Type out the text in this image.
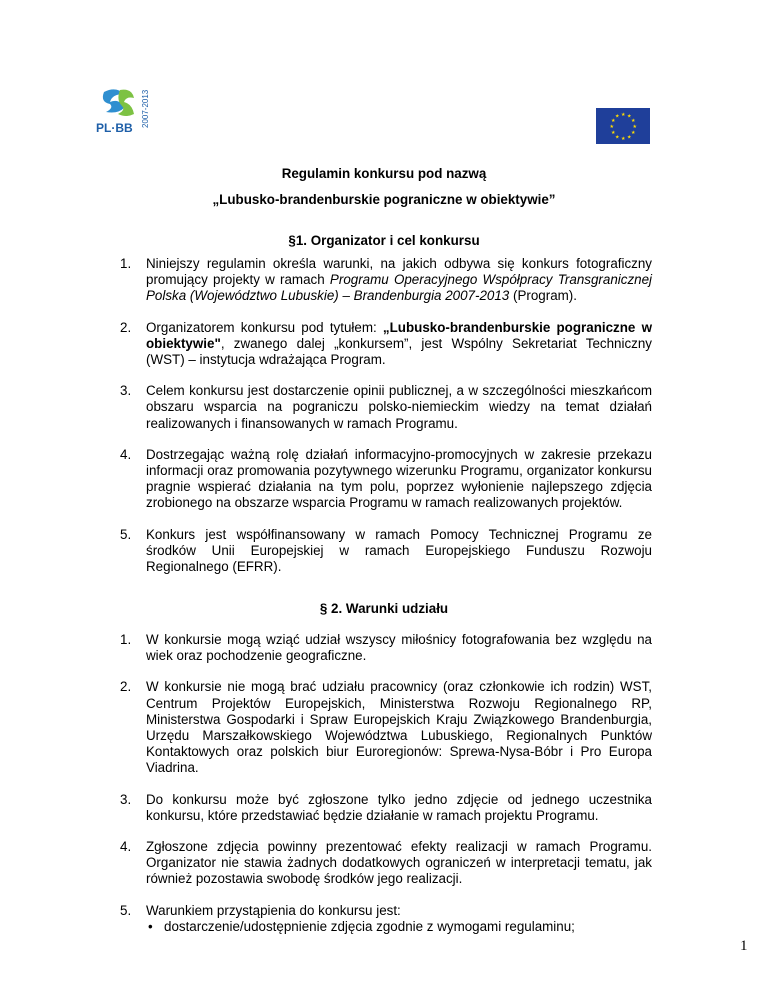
PL·BB 2007-2013	★ ★
★
★
★
★
★
★
★
★
★
★
Regulamin konkursu pod nazwą
„Lubusko-brandenburskie pograniczne w obiektywie”
§1. Organizator i cel konkursu
1. Niniejszy regulamin określa warunki, na jakich odbywa się konkurs fotograficzny promujący projekty w ramach Programu Operacyjnego Współpracy Transgranicznej Polska (Województwo Lubuskie) – Brandenburgia 2007-2013 (Program).
2. Organizatorem konkursu pod tytułem: „Lubusko-brandenburskie pograniczne w obiektywie", zwanego dalej „konkursem”, jest Wspólny Sekretariat Techniczny (WST) – instytucja wdrażająca Program.
3. Celem konkursu jest dostarczenie opinii publicznej, a w szczególności mieszkańcom obszaru wsparcia na pograniczu polsko-niemieckim wiedzy na temat działań realizowanych i finansowanych w ramach Programu.
4. Dostrzegając ważną rolę działań informacyjno-promocyjnych w zakresie przekazu informacji oraz promowania pozytywnego wizerunku Programu, organizator konkursu pragnie wspierać działania na tym polu, poprzez wyłonienie najlepszego zdjęcia zrobionego na obszarze wsparcia Programu w ramach realizowanych projektów.
5. Konkurs jest współfinansowany w ramach Pomocy Technicznej Programu ze środków Unii Europejskiej w ramach Europejskiego Funduszu Rozwoju Regionalnego (EFRR).
§ 2. Warunki udziału
1. W konkursie mogą wziąć udział wszyscy miłośnicy fotografowania bez względu na wiek oraz pochodzenie geograficzne.
2. W konkursie nie mogą brać udziału pracownicy (oraz członkowie ich rodzin) WST, Centrum Projektów Europejskich, Ministerstwa Rozwoju Regionalnego RP, Ministerstwa Gospodarki i Spraw Europejskich Kraju Związkowego Brandenburgia, Urzędu Marszałkowskiego Województwa Lubuskiego, Regionalnych Punktów Kontaktowych oraz polskich biur Euroregionów: Sprewa-Nysa-Bóbr i Pro Europa Viadrina.
3. Do konkursu może być zgłoszone tylko jedno zdjęcie od jednego uczestnika konkursu, które przedstawiać będzie działanie w ramach projektu Programu.
4. Zgłoszone zdjęcia powinny prezentować efekty realizacji w ramach Programu. Organizator nie stawia żadnych dodatkowych ograniczeń w interpretacji tematu, jak również pozostawia swobodę środków jego realizacji.
5. Warunkiem przystąpienia do konkursu jest:
• dostarczenie/udostępnienie zdjęcia zgodnie z wymogami regulaminu;
1
